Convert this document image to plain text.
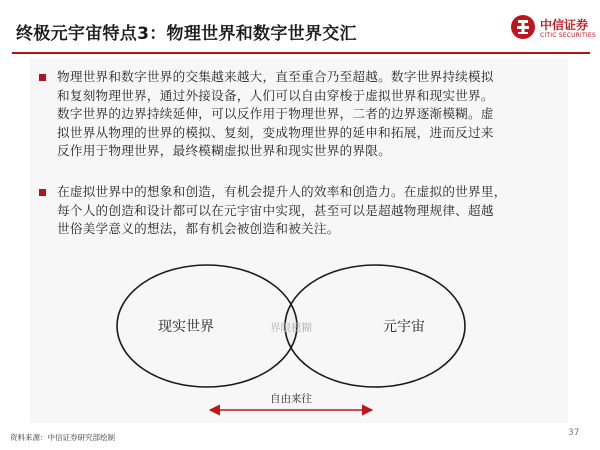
终极元宇宙特点3：物理世界和数字世界交汇	中信证券
CITIC SECURITIES
物理世界和数字世界的交集越来越大，直至重合乃至超越。数字世界持续模拟
和复刻物理世界，通过外接设备，人们可以自由穿梭于虚拟世界和现实世界。
数字世界的边界持续延伸，可以反作用于物理世界，二者的边界逐渐模糊。虚
拟世界从物理的世界的模拟、复刻，变成物理世界的延申和拓展，进而反过来
反作用于物理世界，最终模糊虚拟世界和现实世界的界限。
在虚拟世界中的想象和创造，有机会提升人的效率和创造力。在虚拟的世界里，
每个人的创造和设计都可以在元宇宙中实现，甚至可以是超越物理规律、超越
世俗美学意义的想法，都有机会被创造和被关注。
现实世界	元宇宙
界限模糊
自由来往
资料来源：中信证券研究部绘制	37
